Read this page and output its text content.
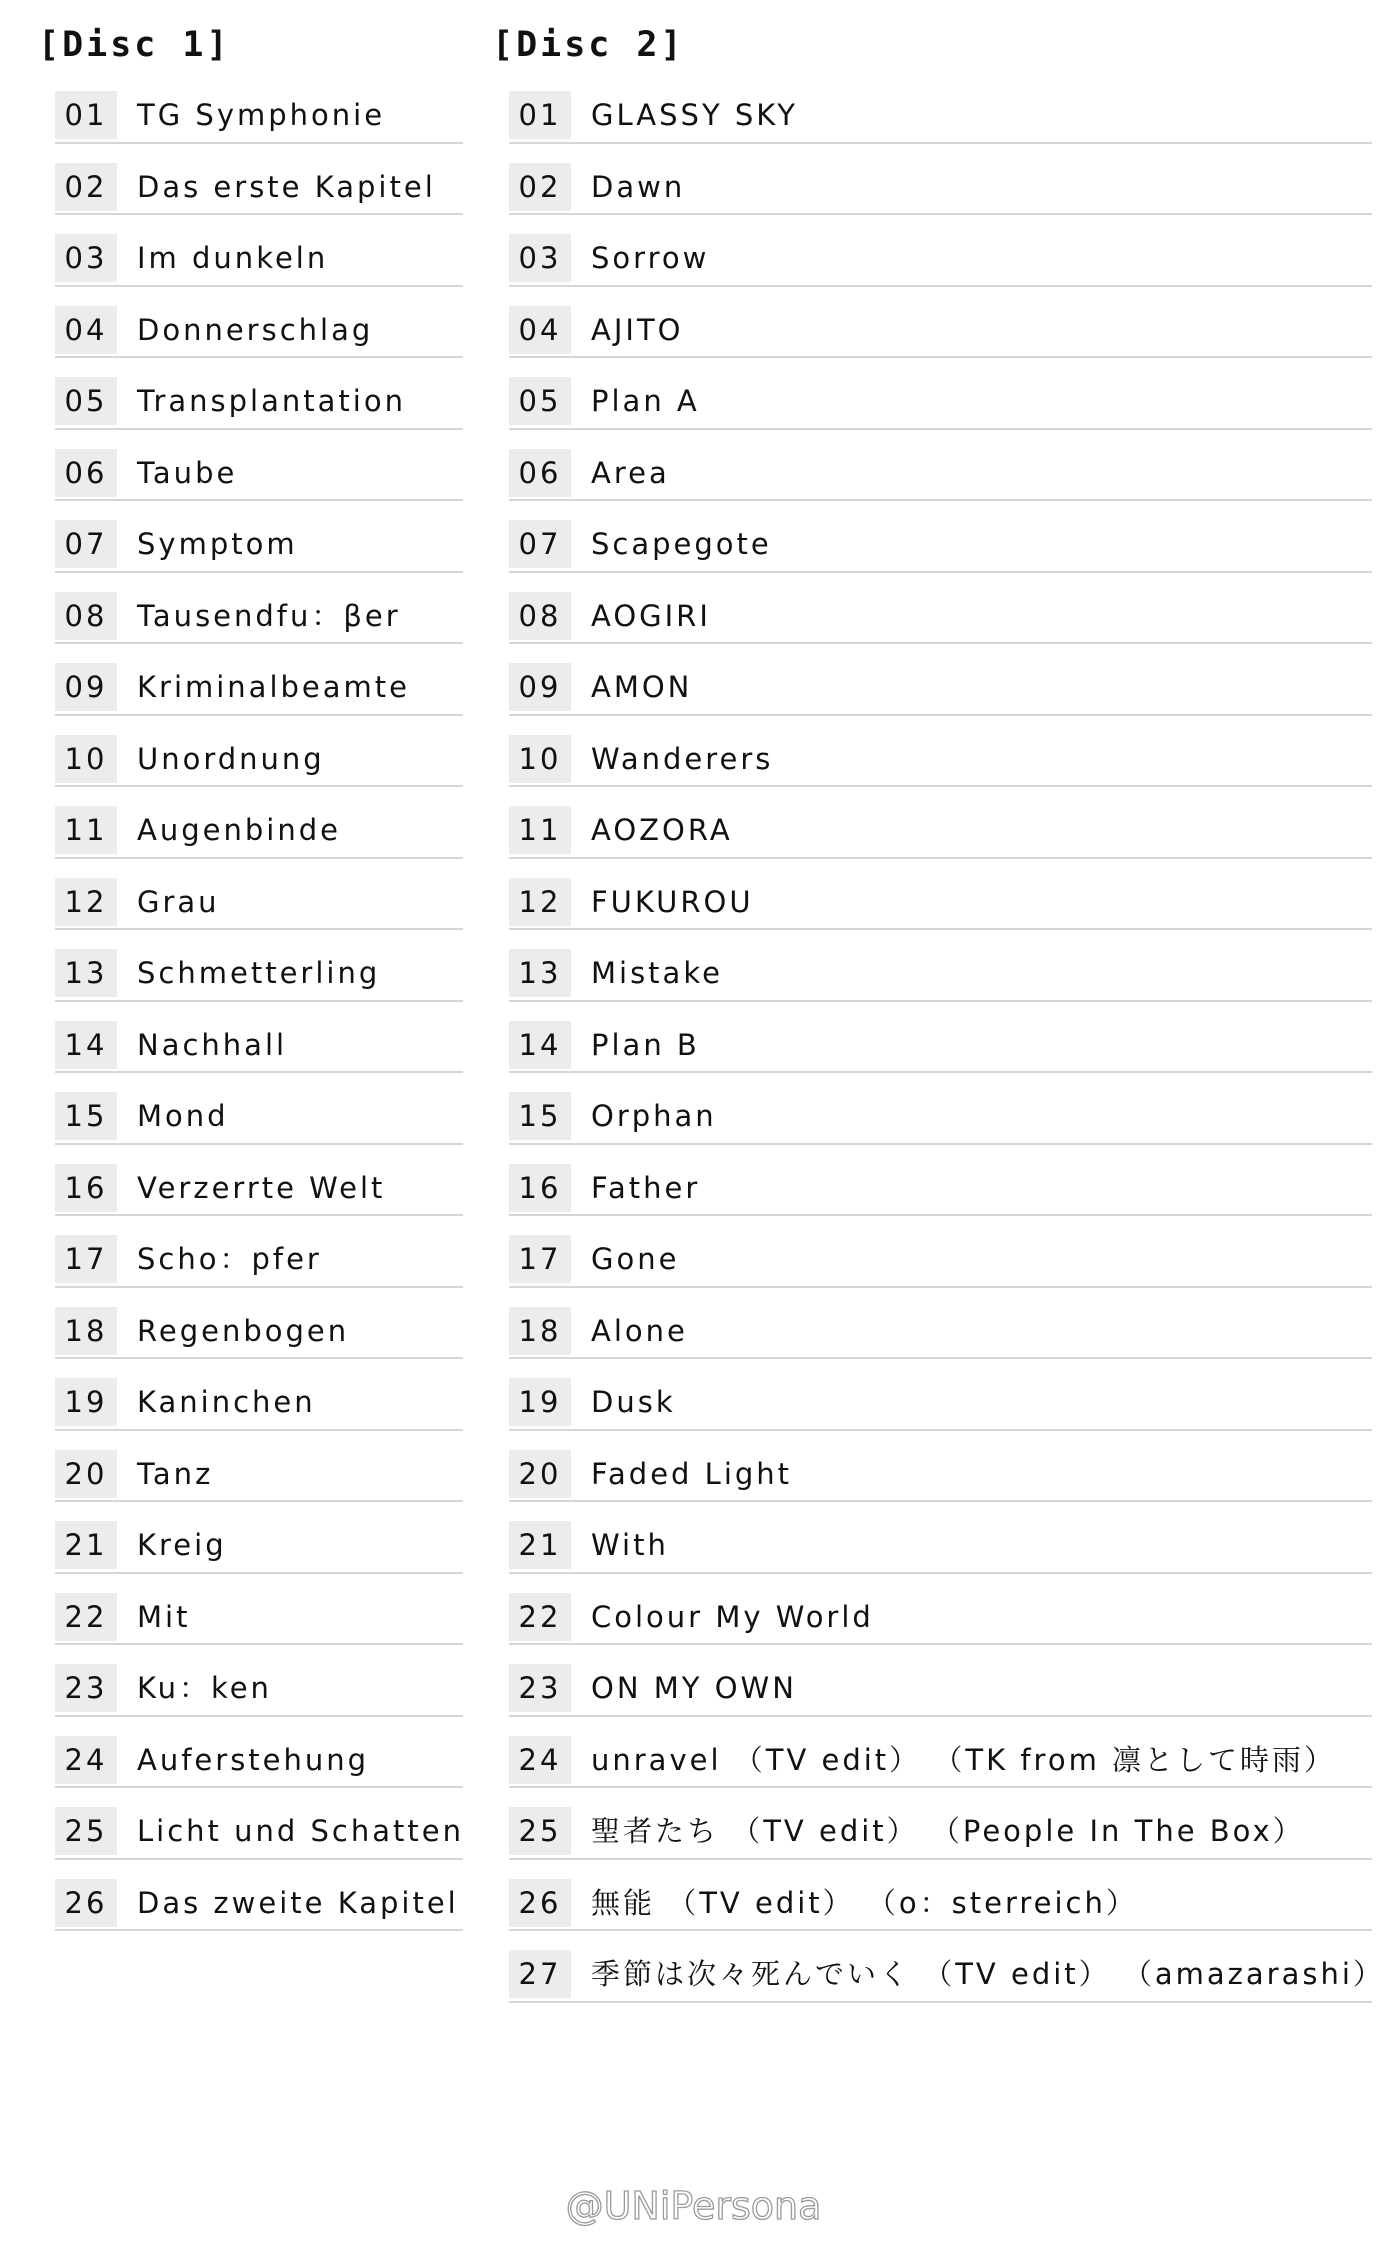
[Disc 1]
01	TG Symphonie
02	Das erste Kapitel
03	Im dunkeln
04	Donnerschlag
05	Transplantation
06	Taube
07	Symptom
08	Tausendfu：βer
09	Kriminalbeamte
10	Unordnung
11	Augenbinde
12	Grau
13	Schmetterling
14	Nachhall
15	Mond
16	Verzerrte Welt
17	Scho：pfer
18	Regenbogen
19	Kaninchen
20	Tanz
21	Kreig
22	Mit
23	Ku：ken
24	Auferstehung
25	Licht und Schatten
26	Das zweite Kapitel
[Disc 2]
01	GLASSY SKY
02	Dawn
03	Sorrow
04	AJITO
05	Plan A
06	Area
07	Scapegote
08	AOGIRI
09	AMON
10	Wanderers
11	AOZORA
12	FUKUROU
13	Mistake
14	Plan B
15	Orphan
16	Father
17	Gone
18	Alone
19	Dusk
20	Faded Light
21	With
22	Colour My World
23	ON MY OWN
24	unravel （TV edit） （TK from 凛として時雨）
25	聖者たち （TV edit） （People In The Box）
26	無能 （TV edit） （o：sterreich）
27	季節は次々死んでいく （TV edit） （amazarashi）
@UNiPersona
